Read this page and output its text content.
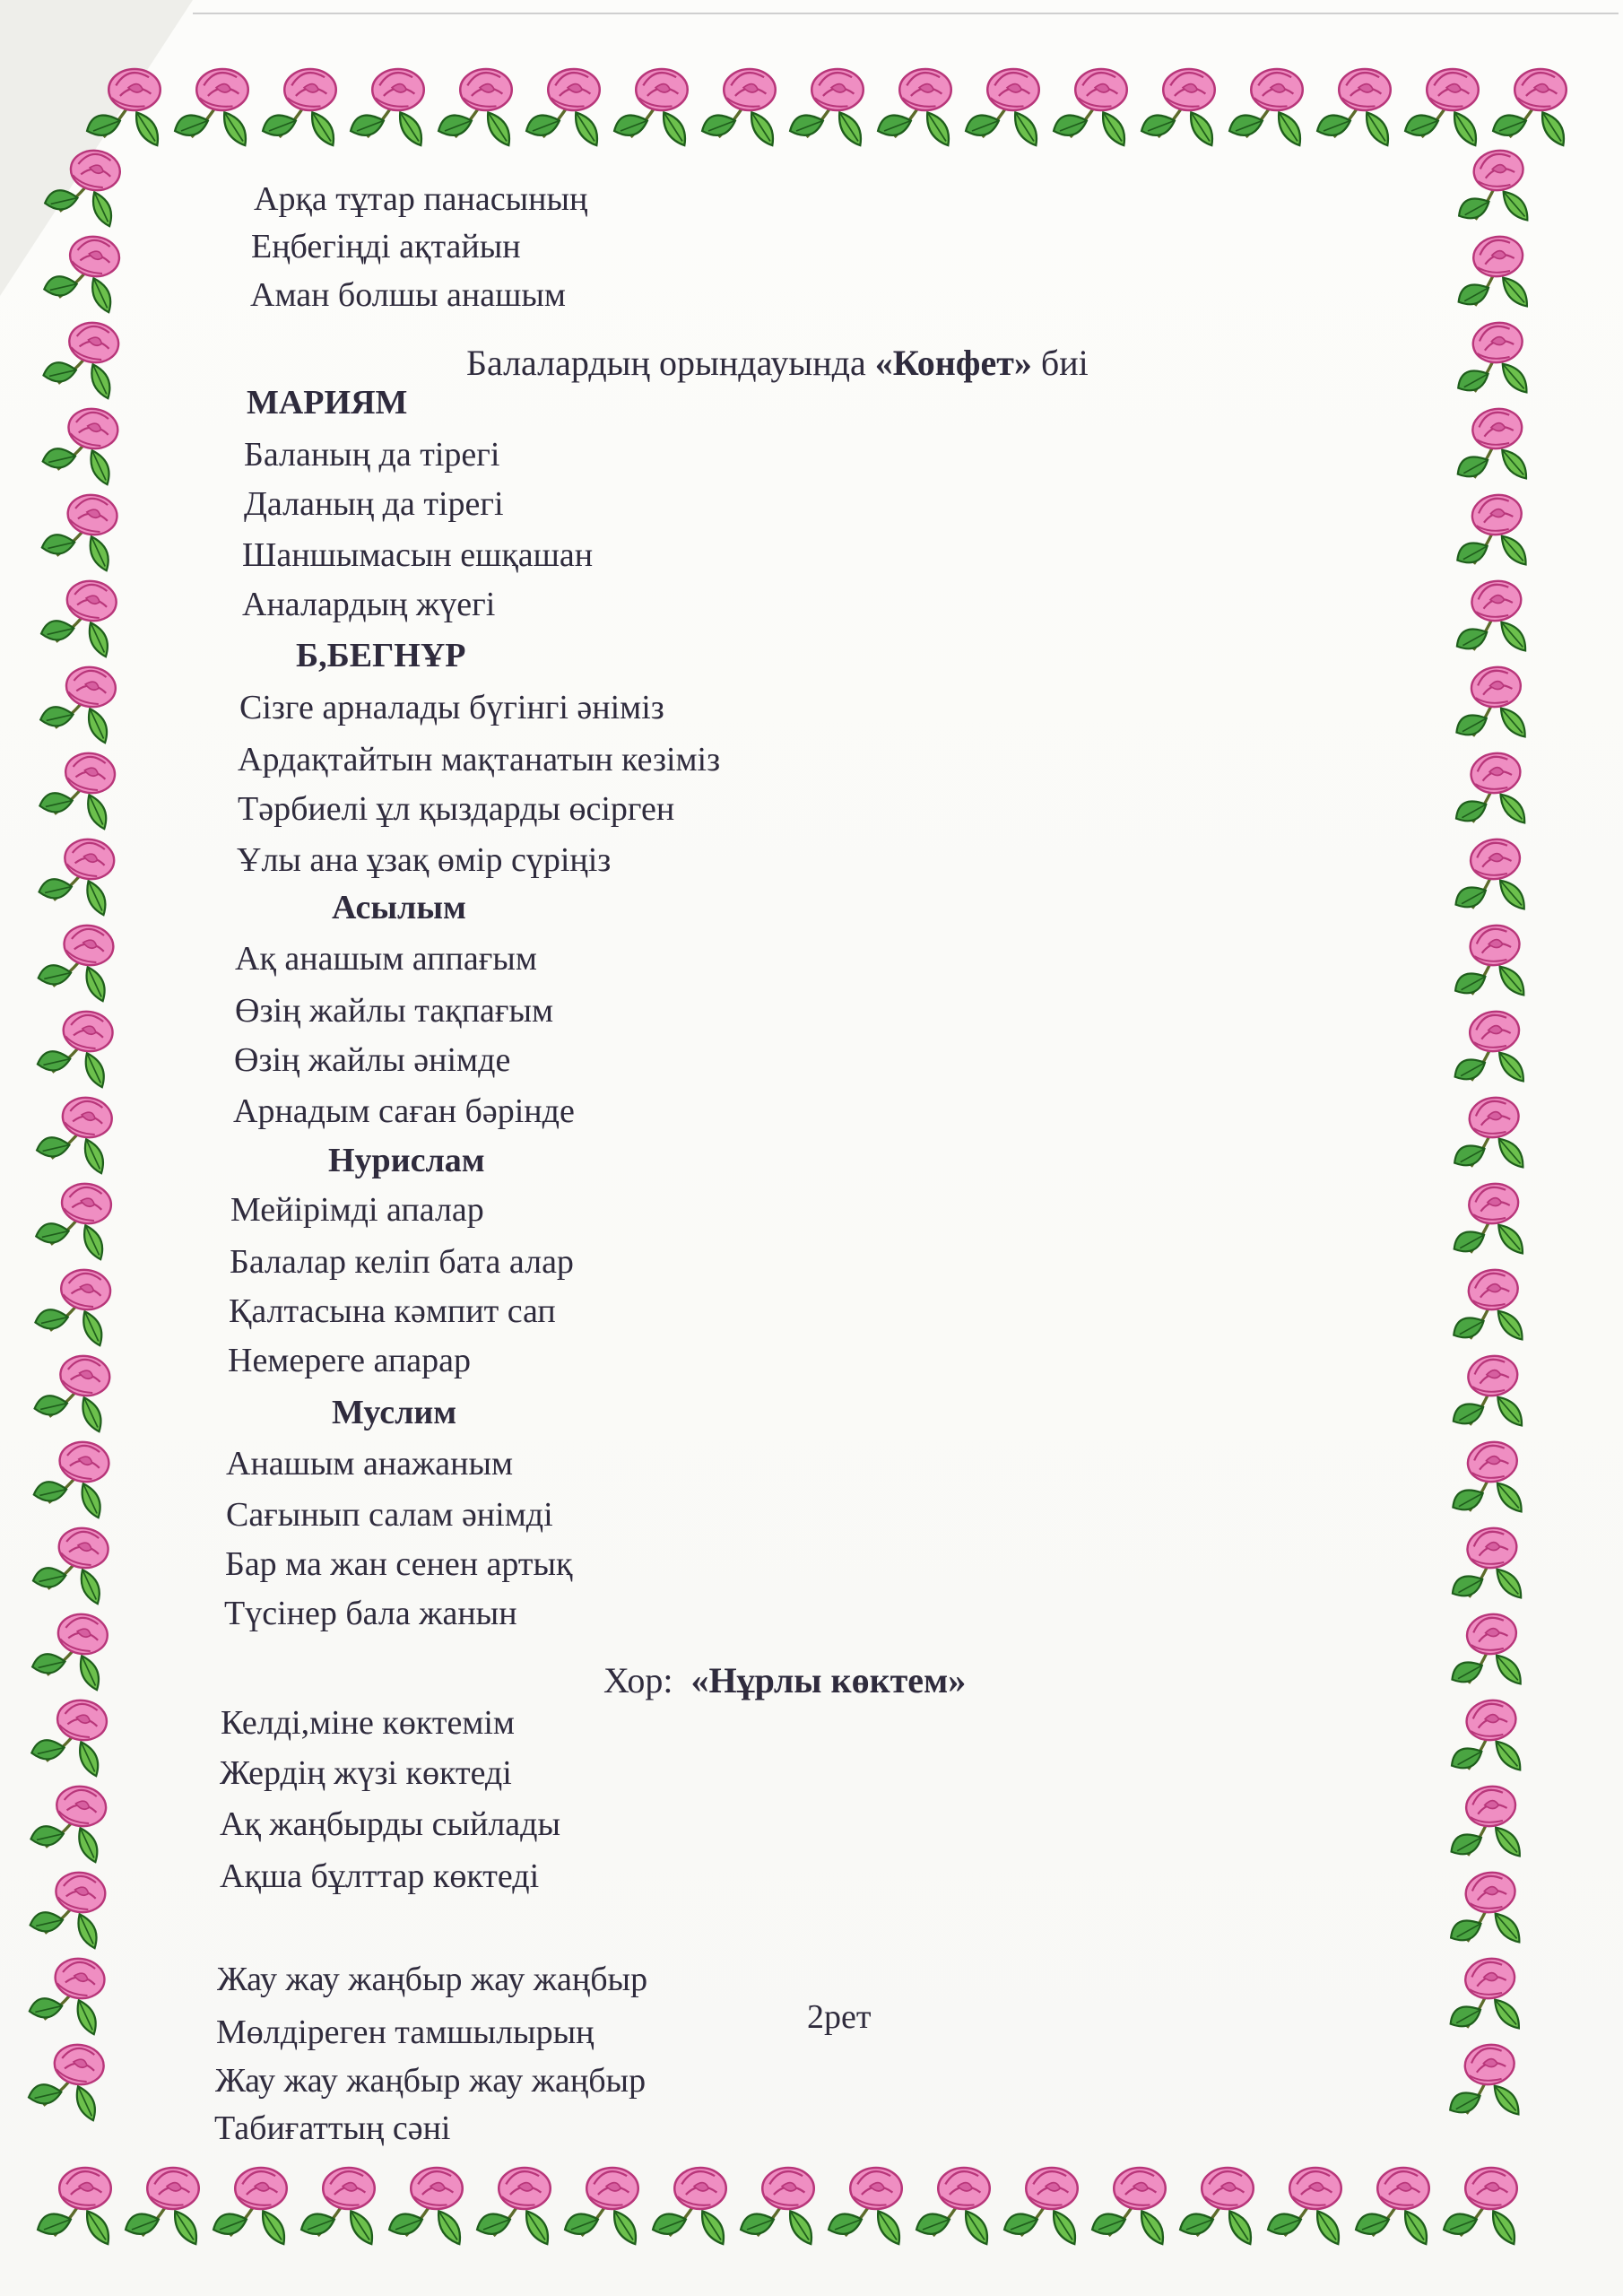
Арқа тұтар панасының
Еңбегіңді ақтайын
Аман болшы анашым
Балалардың орындауында «Конфет» биі
МАРИЯМ
Баланың да тірегі
Даланың да тірегі
Шаншымасын ешқашан
Аналардың жүегі
Б,БЕГНҰР
Сізге арналады бүгінгі әніміз
Ардақтайтын мақтанатын кезіміз
Тәрбиелі ұл қыздарды өсірген
Ұлы ана ұзақ өмір сүріңіз
Асылым
Ақ анашым аппағым
Өзің жайлы тақпағым
Өзің жайлы әнімде
Арнадым саған бәрінде
Нурислам
Мейірімді апалар
Балалар келіп бата алар
Қалтасына кәмпит сап
Немереге апарар
Муслим
Анашым анажаным
Сағынып салам әнімді
Бар ма жан сенен артық
Түсінер бала жанын
Хор:  «Нұрлы көктем»
Келді,міне көктемім
Жердің жүзі көктеді
Ақ жаңбырды сыйлады
Ақша бұлттар көктеді
Жау жау жаңбыр жау жаңбыр
Мөлдіреген тамшылырың
Жау жау жаңбыр жау жаңбыр
Табиғаттың сәні
2рет
